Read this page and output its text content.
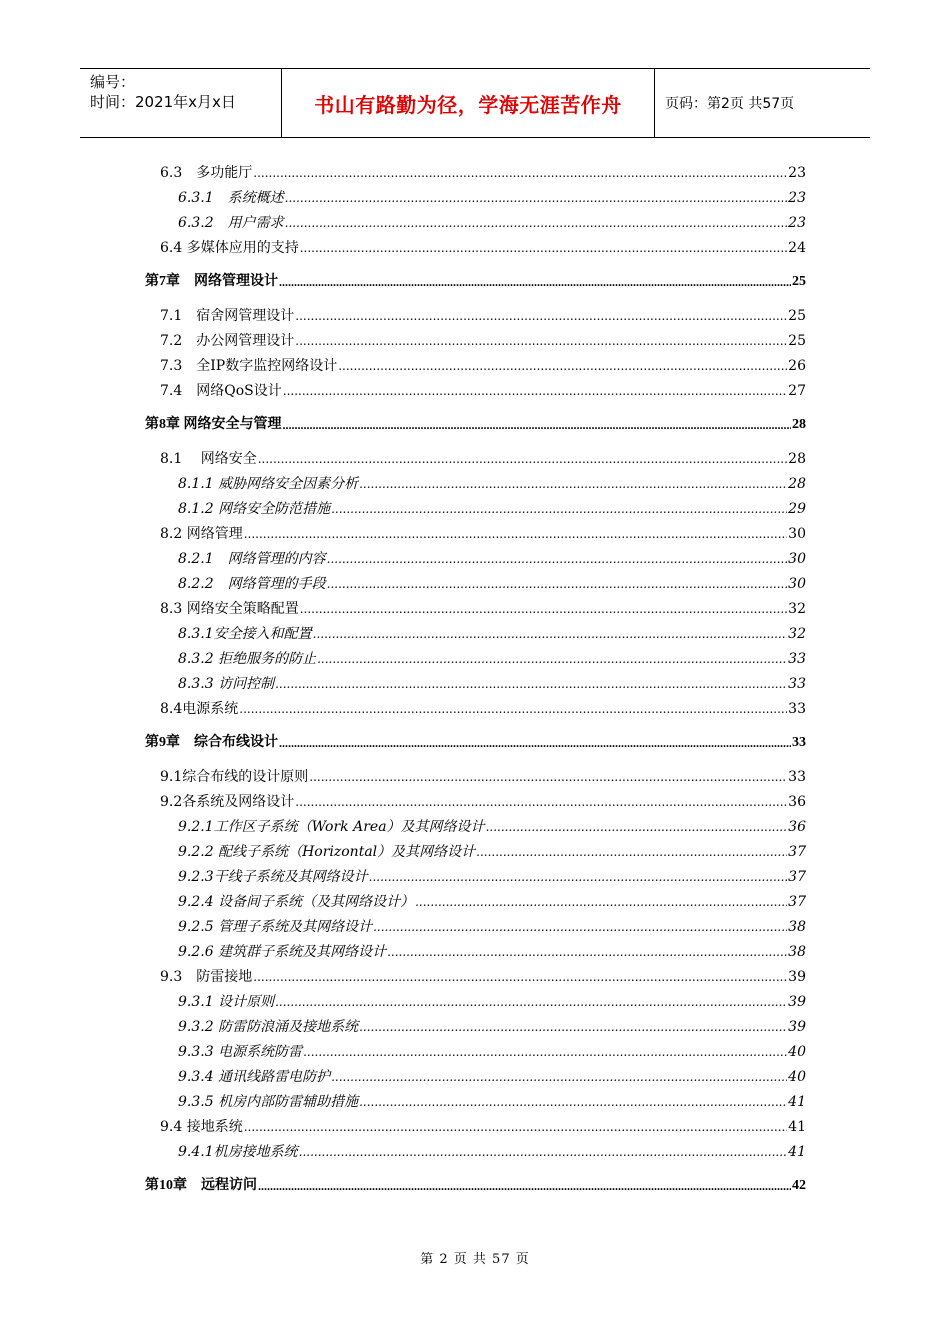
编号：
时间：2021年x月x日	书山有路勤为径，学海无涯苦作舟	页码：第2页 共57页
6.3　多功能厅 .....	23
6.3.1　系统概述 .....	23
6.3.2　用户需求 .....	23
6.4 多媒体应用的支持 .....	24
第7章　网络管理设计 .....	25
7.1　宿舍网管理设计 .....	25
7.2　办公网管理设计 .....	25
7.3　全IP数字监控网络设计 .....	26
7.4　网络QoS设计 .....	27
第8章 网络安全与管理 .....	28
8.1　 网络安全 .....	28
8.1.1 威胁网络安全因素分析 .....	28
8.1.2 网络安全防范措施 .....	29
8.2 网络管理 .....	30
8.2.1　网络管理的内容 .....	30
8.2.2　网络管理的手段 .....	30
8.3 网络安全策略配置 .....	32
8.3.1安全接入和配置 .....	32
8.3.2 拒绝服务的防止 .....	33
8.3.3 访问控制 .....	33
8.4电源系统 .....	33
第9章　综合布线设计 .....	33
9.1综合布线的设计原则 .....	33
9.2各系统及网络设计 .....	36
9.2.1工作区子系统（Work Area）及其网络设计 .....	36
9.2.2 配线子系统（Horizontal）及其网络设计 .....	37
9.2.3干线子系统及其网络设计 .....	37
9.2.4 设备间子系统（及其网络设计） .....	37
9.2.5 管理子系统及其网络设计 .....	38
9.2.6 建筑群子系统及其网络设计 .....	38
9.3　防雷接地 .....	39
9.3.1 设计原则 .....	39
9.3.2 防雷防浪涌及接地系统 .....	39
9.3.3 电源系统防雷 .....	40
9.3.4 通讯线路雷电防护 .....	40
9.3.5 机房内部防雷辅助措施 .....	41
9.4 接地系统 .....	41
9.4.1机房接地系统 .....	41
第10章　远程访问 .....	42
第 2 页 共 57 页
